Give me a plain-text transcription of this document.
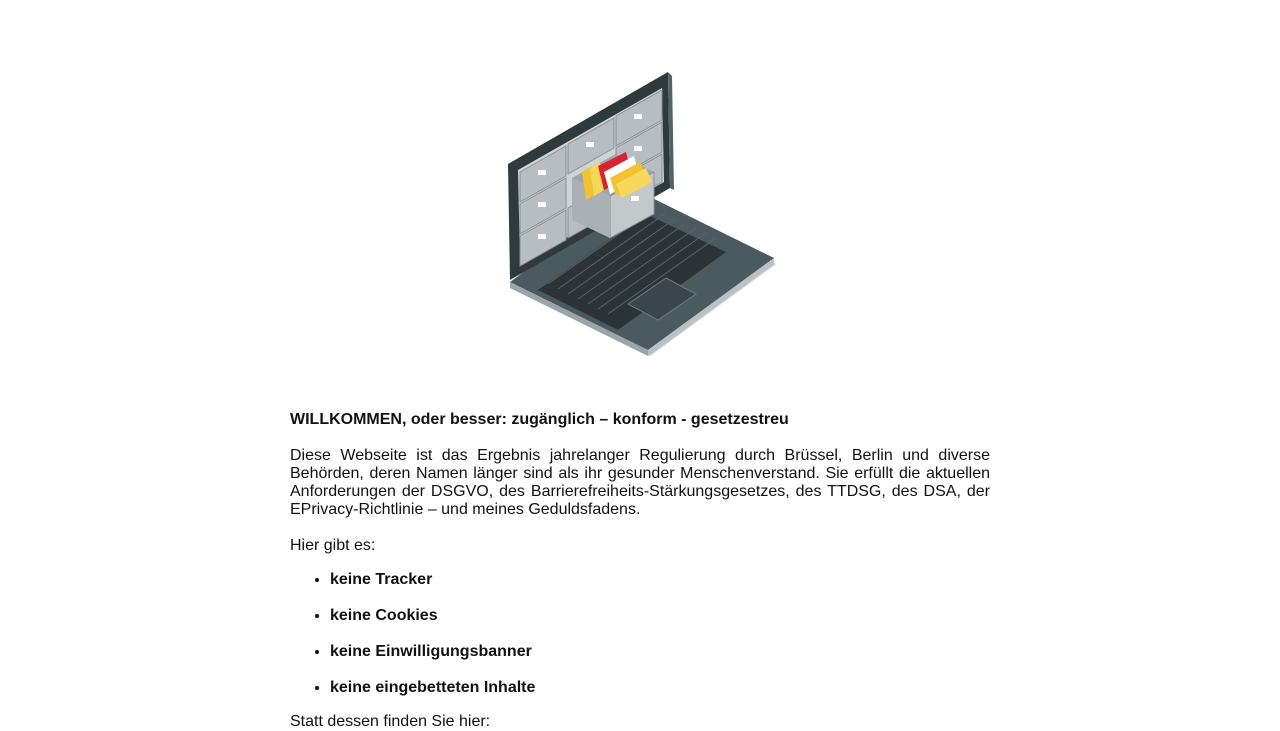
WILLKOMMEN, oder besser: zugänglich – konform - gesetzestreu

Diese Webseite ist das Ergebnis jahrelanger Regulierung durch Brüssel, Berlin und diverse Behörden, deren Namen länger sind als ihr gesunder Menschenverstand. Sie erfüllt die aktuellen Anforderungen der DSGVO, des Barrierefreiheits-Stärkungsgesetzes, des TTDSG, des DSA, der EPrivacy-Richtlinie – und meines Geduldsfadens.

Hier gibt es:

• keine Tracker
• keine Cookies
• keine Einwilligungsbanner
• keine eingebetteten Inhalte

Statt dessen finden Sie hier:
